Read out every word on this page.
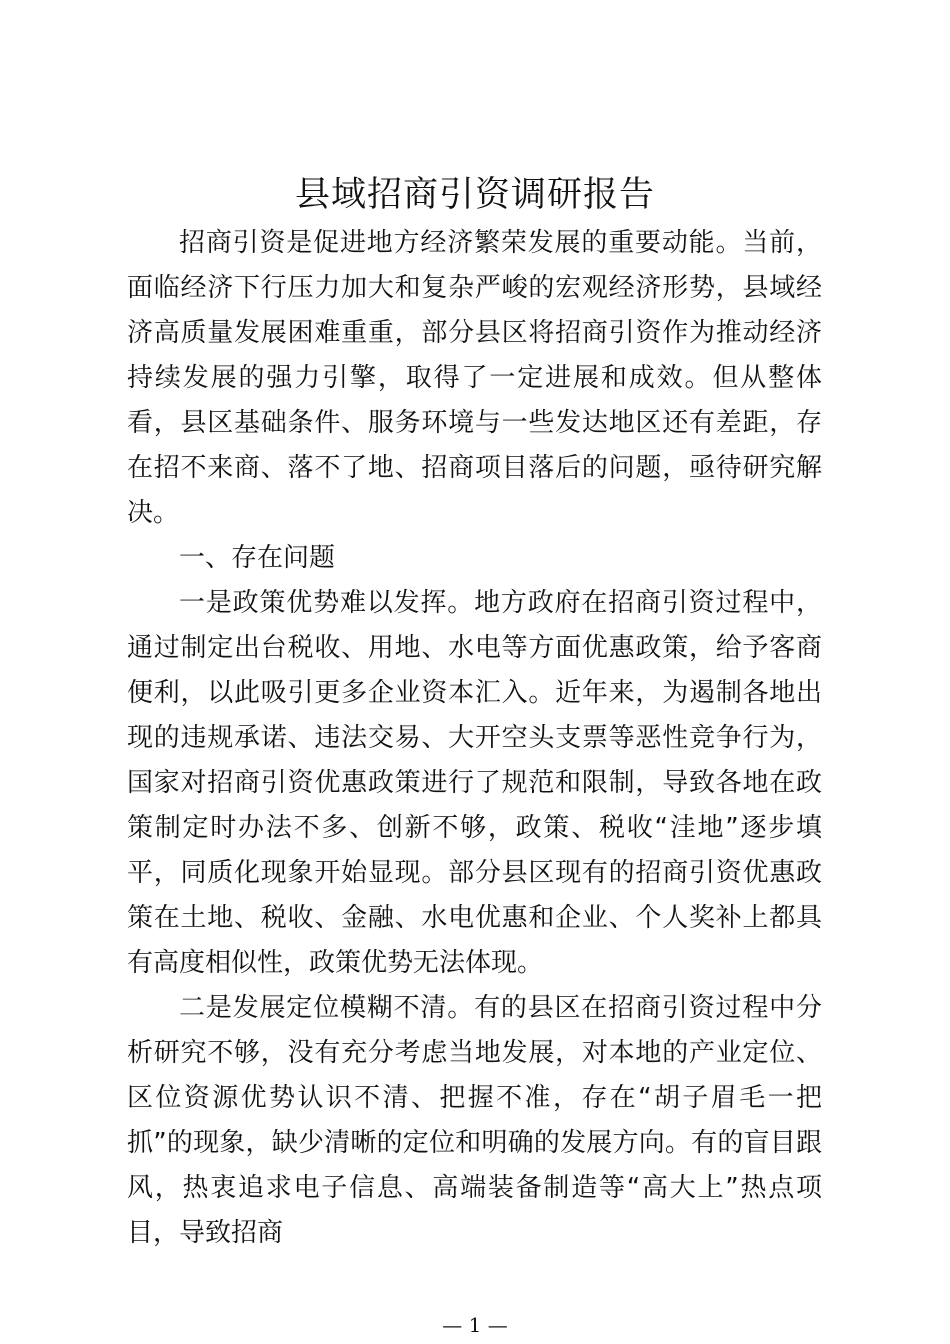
县域招商引资调研报告

招商引资是促进地方经济繁荣发展的重要动能。当前，面临经济下行压力加大和复杂严峻的宏观经济形势，县域经济高质量发展困难重重，部分县区将招商引资作为推动经济持续发展的强力引擎，取得了一定进展和成效。但从整体看，县区基础条件、服务环境与一些发达地区还有差距，存在招不来商、落不了地、招商项目落后的问题，亟待研究解决。

一、存在问题

一是政策优势难以发挥。地方政府在招商引资过程中，通过制定出台税收、用地、水电等方面优惠政策，给予客商便利，以此吸引更多企业资本汇入。近年来，为遏制各地出现的违规承诺、违法交易、大开空头支票等恶性竞争行为，国家对招商引资优惠政策进行了规范和限制，导致各地在政策制定时办法不多、创新不够，政策、税收“洼地”逐步填平，同质化现象开始显现。部分县区现有的招商引资优惠政策在土地、税收、金融、水电优惠和企业、个人奖补上都具有高度相似性，政策优势无法体现。

二是发展定位模糊不清。有的县区在招商引资过程中分析研究不够，没有充分考虑当地发展，对本地的产业定位、区位资源优势认识不清、把握不准，存在“胡子眉毛一把抓”的现象，缺少清晰的定位和明确的发展方向。有的盲目跟风，热衷追求电子信息、高端装备制造等“高大上”热点项目，导致招商

— 1 —
